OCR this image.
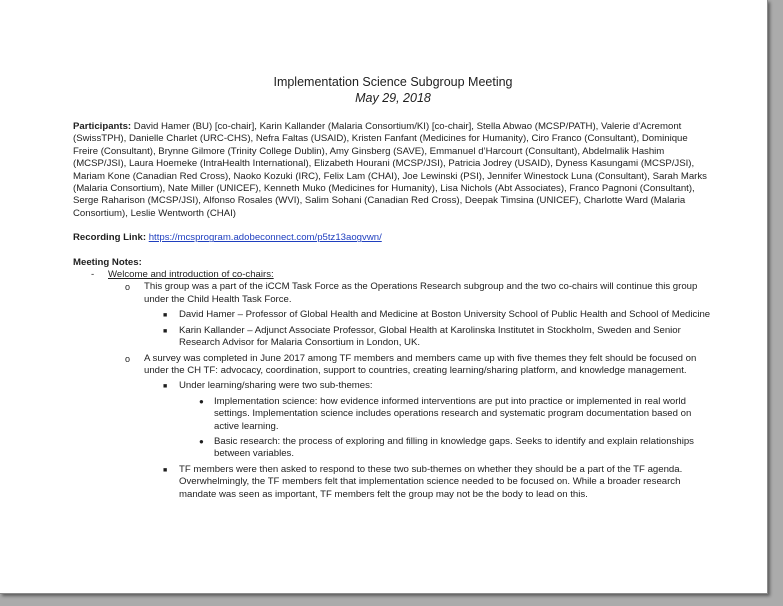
Implementation Science Subgroup Meeting

May 29, 2018

Participants: David Hamer (BU) [co-chair], Karin Kallander (Malaria Consortium/KI) [co-chair], Stella Abwao (MCSP/PATH), Valerie d’Acremont (SwissTPH), Danielle Charlet (URC-CHS), Nefra Faltas (USAID), Kristen Fanfant (Medicines for Humanity), Ciro Franco (Consultant), Dominique Freire (Consultant), Brynne Gilmore (Trinity College Dublin), Amy Ginsberg (SAVE), Emmanuel d’Harcourt (Consultant), Abdelmalik Hashim (MCSP/JSI), Laura Hoemeke (IntraHealth International), Elizabeth Hourani (MCSP/JSI), Patricia Jodrey (USAID), Dyness Kasungami (MCSP/JSI), Mariam Kone (Canadian Red Cross), Naoko Kozuki (IRC), Felix Lam (CHAI), Joe Lewinski (PSI), Jennifer Winestock Luna (Consultant), Sarah Marks (Malaria Consortium), Nate Miller (UNICEF), Kenneth Muko (Medicines for Humanity), Lisa Nichols (Abt Associates), Franco Pagnoni (Consultant), Serge Raharison (MCSP/JSI), Alfonso Rosales (WVI), Salim Sohani (Canadian Red Cross), Deepak Timsina (UNICEF), Charlotte Ward (Malaria Consortium), Leslie Wentworth (CHAI)

Recording Link: https://mcsprogram.adobeconnect.com/p5tz13aogvwn/

Meeting Notes:
- Welcome and introduction of co-chairs:
o This group was a part of the iCCM Task Force as the Operations Research subgroup and the two co-chairs will continue this group under the Child Health Task Force.
■ David Hamer – Professor of Global Health and Medicine at Boston University School of Public Health and School of Medicine
■ Karin Kallander – Adjunct Associate Professor, Global Health at Karolinska Institutet in Stockholm, Sweden and Senior Research Advisor for Malaria Consortium in London, UK.
o A survey was completed in June 2017 among TF members and members came up with five themes they felt should be focused on under the CH TF: advocacy, coordination, support to countries, creating learning/sharing platform, and knowledge management.
■ Under learning/sharing were two sub-themes:
● Implementation science: how evidence informed interventions are put into practice or implemented in real world settings. Implementation science includes operations research and systematic program documentation based on active learning.
● Basic research: the process of exploring and filling in knowledge gaps. Seeks to identify and explain relationships between variables.
■ TF members were then asked to respond to these two sub-themes on whether they should be a part of the TF agenda. Overwhelmingly, the TF members felt that implementation science needed to be focused on. While a broader research mandate was seen as important, TF members felt the group may not be the body to lead on this.
